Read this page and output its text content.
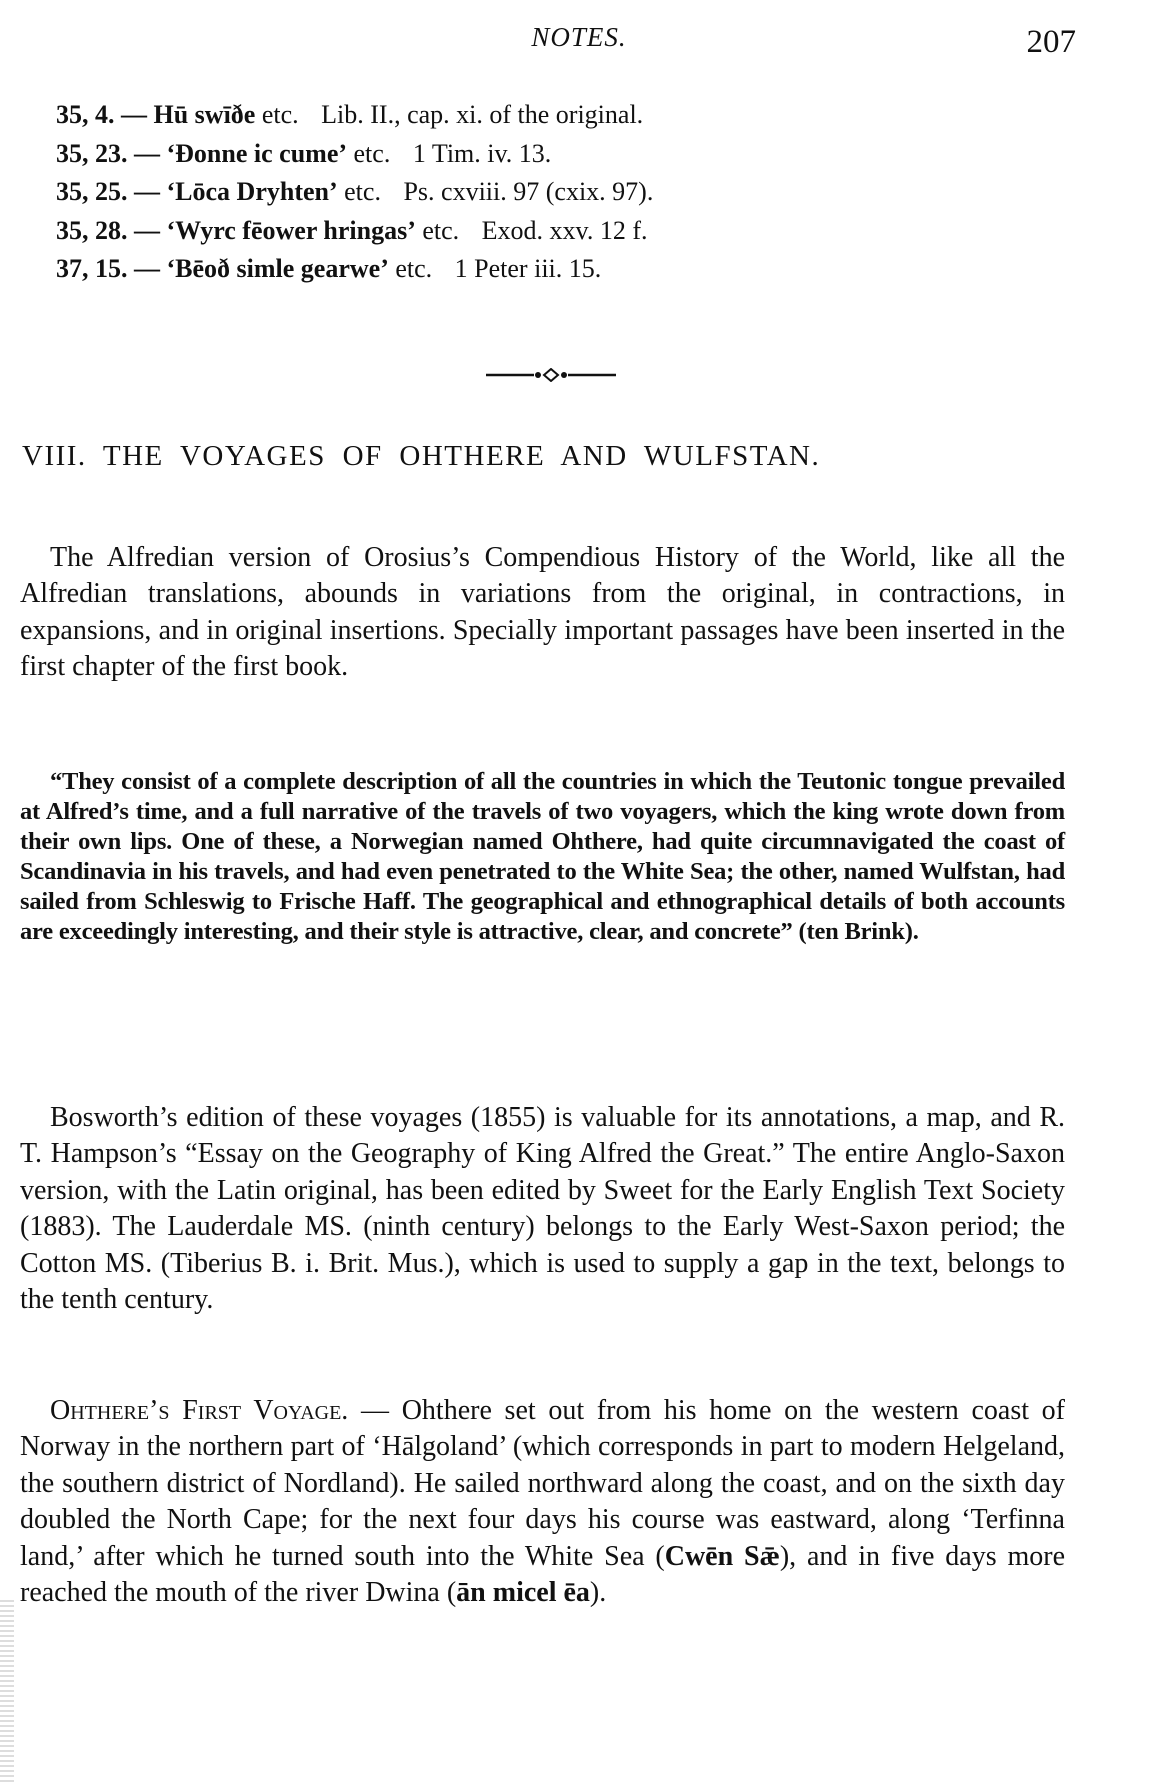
NOTES.	207
35, 4. — Hū swīðe etc. Lib. II., cap. xi. of the original.
35, 23. — ‘Đonne ic cume’ etc. 1 Tim. iv. 13.
35, 25. — ‘Lōca Dryhten’ etc. Ps. cxviii. 97 (cxix. 97).
35, 28. — ‘Wyrc fēower hringas’ etc. Exod. xxv. 12 f.
37, 15. — ‘Bēoð simle gearwe’ etc. 1 Peter iii. 15.
VIII. THE VOYAGES OF OHTHERE AND WULFSTAN.

The Alfredian version of Orosius’s Compendious History of the World, like all the Alfredian translations, abounds in variations from the original, in contractions, in expansions, and in original insertions. Specially important passages have been inserted in the first chapter of the first book.

“They consist of a complete description of all the countries in which the Teutonic tongue prevailed at Alfred’s time, and a full narrative of the travels of two voyagers, which the king wrote down from their own lips. One of these, a Norwegian named Ohthere, had quite circumnavigated the coast of Scandinavia in his travels, and had even penetrated to the White Sea; the other, named Wulfstan, had sailed from Schleswig to Frische Haff. The geographical and ethnographical details of both accounts are exceedingly interesting, and their style is attractive, clear, and concrete” (ten Brink).

Bosworth’s edition of these voyages (1855) is valuable for its annotations, a map, and R. T. Hampson’s “Essay on the Geography of King Alfred the Great.” The entire Anglo-Saxon version, with the Latin original, has been edited by Sweet for the Early English Text Society (1883). The Lauderdale MS. (ninth century) belongs to the Early West-Saxon period; the Cotton MS. (Tiberius B. i. Brit. Mus.), which is used to supply a gap in the text, belongs to the tenth century.

Ohthere’s First Voyage. — Ohthere set out from his home on the western coast of Norway in the northern part of ‘Hālgoland’ (which corresponds in part to modern Helgeland, the southern district of Nordland). He sailed northward along the coast, and on the sixth day doubled the North Cape; for the next four days his course was eastward, along ‘Terfinna land,’ after which he turned south into the White Sea (Cwēn Sǣ), and in five days more reached the mouth of the river Dwina (ān micel ēa).
